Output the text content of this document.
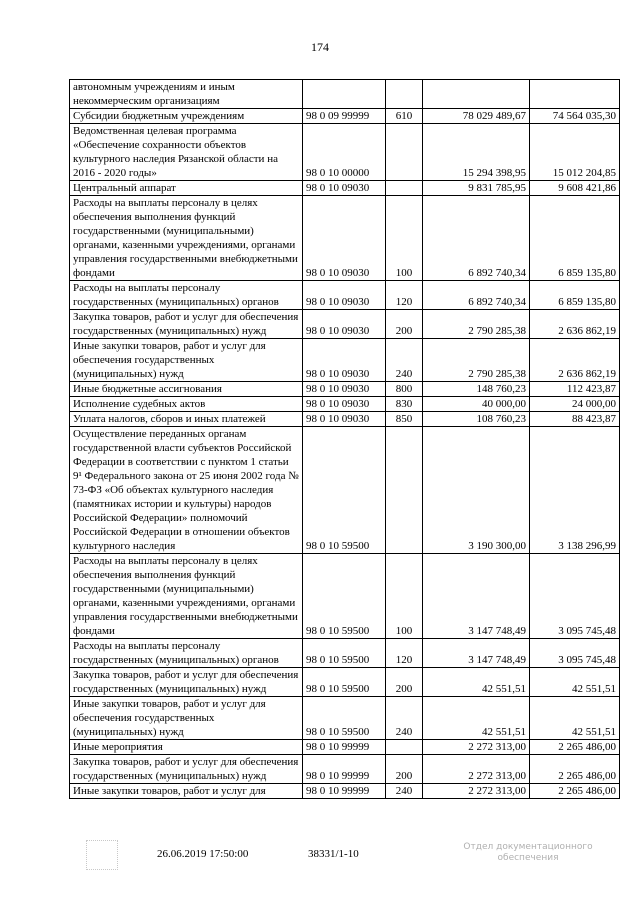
174
автономным учреждениям и иным некоммерческим организациям				
Субсидии бюджетным учреждениям	98 0 09 99999	610	78 029 489,67	74 564 035,30
Ведомственная целевая программа «Обеспечение сохранности объектов культурного наследия Рязанской области на 2016 - 2020 годы»	98 0 10 00000		15 294 398,95	15 012 204,85
Центральный аппарат	98 0 10 09030		9 831 785,95	9 608 421,86
Расходы на выплаты персоналу в целях обеспечения выполнения функций государственными (муниципальными) органами, казенными учреждениями, органами управления государственными внебюджетными фондами	98 0 10 09030	100	6 892 740,34	6 859 135,80
Расходы на выплаты персоналу государственных (муниципальных) органов	98 0 10 09030	120	6 892 740,34	6 859 135,80
Закупка товаров, работ и услуг для обеспечения государственных (муниципальных) нужд	98 0 10 09030	200	2 790 285,38	2 636 862,19
Иные закупки товаров, работ и услуг для обеспечения государственных (муниципальных) нужд	98 0 10 09030	240	2 790 285,38	2 636 862,19
Иные бюджетные ассигнования	98 0 10 09030	800	148 760,23	112 423,87
Исполнение судебных актов	98 0 10 09030	830	40 000,00	24 000,00
Уплата налогов, сборов и иных платежей	98 0 10 09030	850	108 760,23	88 423,87
Осуществление переданных органам государственной власти субъектов Российской Федерации в соответствии с пунктом 1 статьи 9¹ Федерального закона от 25 июня 2002 года № 73-ФЗ «Об объектах культурного наследия (памятниках истории и культуры) народов Российской Федерации» полномочий Российской Федерации в отношении объектов культурного наследия	98 0 10 59500		3 190 300,00	3 138 296,99
Расходы на выплаты персоналу в целях обеспечения выполнения функций государственными (муниципальными) органами, казенными учреждениями, органами управления государственными внебюджетными фондами	98 0 10 59500	100	3 147 748,49	3 095 745,48
Расходы на выплаты персоналу государственных (муниципальных) органов	98 0 10 59500	120	3 147 748,49	3 095 745,48
Закупка товаров, работ и услуг для обеспечения государственных (муниципальных) нужд	98 0 10 59500	200	42 551,51	42 551,51
Иные закупки товаров, работ и услуг для обеспечения государственных (муниципальных) нужд	98 0 10 59500	240	42 551,51	42 551,51
Иные мероприятия	98 0 10 99999		2 272 313,00	2 265 486,00
Закупка товаров, работ и услуг для обеспечения государственных (муниципальных) нужд	98 0 10 99999	200	2 272 313,00	2 265 486,00
Иные закупки товаров, работ и услуг для	98 0 10 99999	240	2 272 313,00	2 265 486,00
26.06.2019 17:50:00	38331/1-10
Отдел документационного
обеспечения
